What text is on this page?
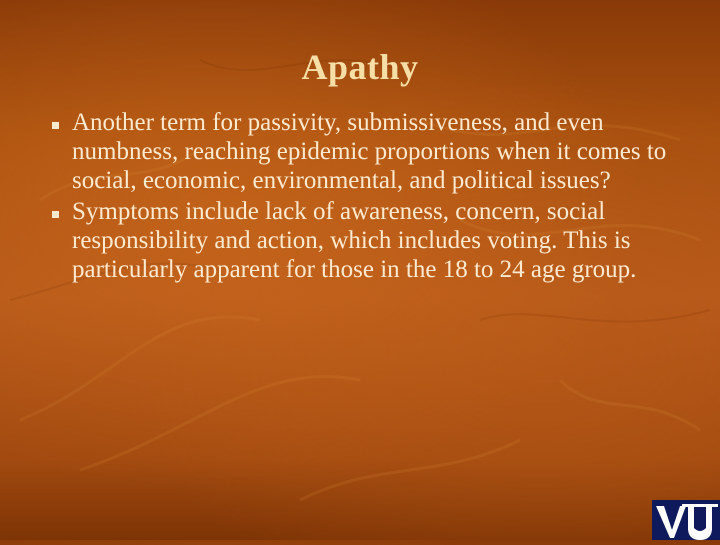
Apathy
Another term for passivity, submissiveness, and even numbness, reaching epidemic proportions when it comes to social, economic, environmental, and political issues?
Symptoms include lack of awareness, concern, social responsibility and action, which includes voting. This is particularly apparent for those in the 18 to 24 age group.
